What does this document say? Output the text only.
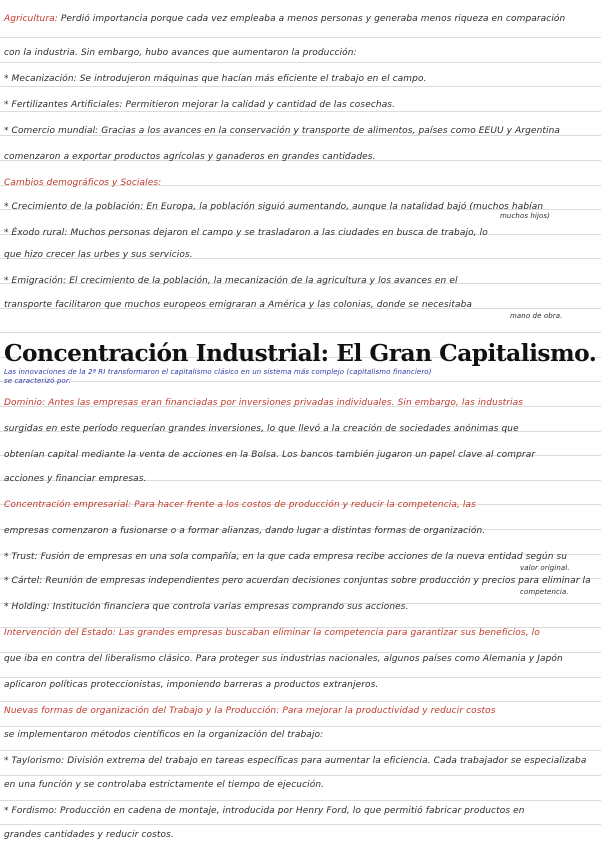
Agricultura: Perdió importancia porque cada vez empleaba a menos personas y generaba menos riqueza en comparación
con la industria. Sin embargo, hubo avances que aumentaron la producción:
* Mecanización: Se introdujeron máquinas que hacían más eficiente el trabajo en el campo.
* Fertilizantes Artificiales: Permitieron mejorar la calidad y cantidad de las cosechas.
* Comercio mundial: Gracias a los avances en la conservación y transporte de alimentos, países como EEUU y Argentina
comenzaron a exportar productos agrícolas y ganaderos en grandes cantidades.
Cambios demográficos y Sociales:
* Crecimiento de la población: En Europa, la población siguió aumentando, aunque la natalidad bajó (muchos habían
* Éxodo rural: Muchos personas dejaron el campo y se trasladaron a las ciudades en busca de trabajo, lo
que hizo crecer las urbes y sus servicios.
* Emigración: El crecimiento de la población, la mecanización de la agricultura y los avances en el
transporte facilitaron que muchos europeos emigraran a América y las colonias, donde se necesitaba
Dominio: Antes las empresas eran financiadas por inversiones privadas individuales. Sin embargo, las industrias
surgidas en este período requerían grandes inversiones, lo que llevó a la creación de sociedades anónimas que
obtenían capital mediante la venta de acciones en la Bolsa. Los bancos también jugaron un papel clave al comprar
acciones y financiar empresas.
Concentración empresarial: Para hacer frente a los costos de producción y reducir la competencia, las
empresas comenzaron a fusionarse o a formar alianzas, dando lugar a distintas formas de organización.
* Trust: Fusión de empresas en una sola compañía, en la que cada empresa recibe acciones de la nueva entidad según su
* Cártel: Reunión de empresas independientes pero acuerdan decisiones conjuntas sobre producción y precios para eliminar la
* Holding: Institución financiera que controla varias empresas comprando sus acciones.
Intervención del Estado: Las grandes empresas buscaban eliminar la competencia para garantizar sus beneficios, lo
que iba en contra del liberalismo clásico. Para proteger sus industrias nacionales, algunos países como Alemania y Japón
aplicaron políticas proteccionistas, imponiendo barreras a productos extranjeros.
Nuevas formas de organización del Trabajo y la Producción: Para mejorar la productividad y reducir costos
se implementaron métodos científicos en la organización del trabajo:
* Taylorismo: División extrema del trabajo en tareas específicas para aumentar la eficiencia. Cada trabajador se especializaba
en una función y se controlaba estrictamente el tiempo de ejecución.
* Fordismo: Producción en cadena de montaje, introducida por Henry Ford, lo que permitió fabricar productos en
grandes cantidades y reducir costos.
muchos hijos)
mano de obra.
valor original.
competencia.
Concentración Industrial: El Gran Capitalismo.
Las innovaciones de la 2ª RI transformaron el capitalismo clásico en un sistema más complejo (capitalismo financiero)
se caracterizó por:
